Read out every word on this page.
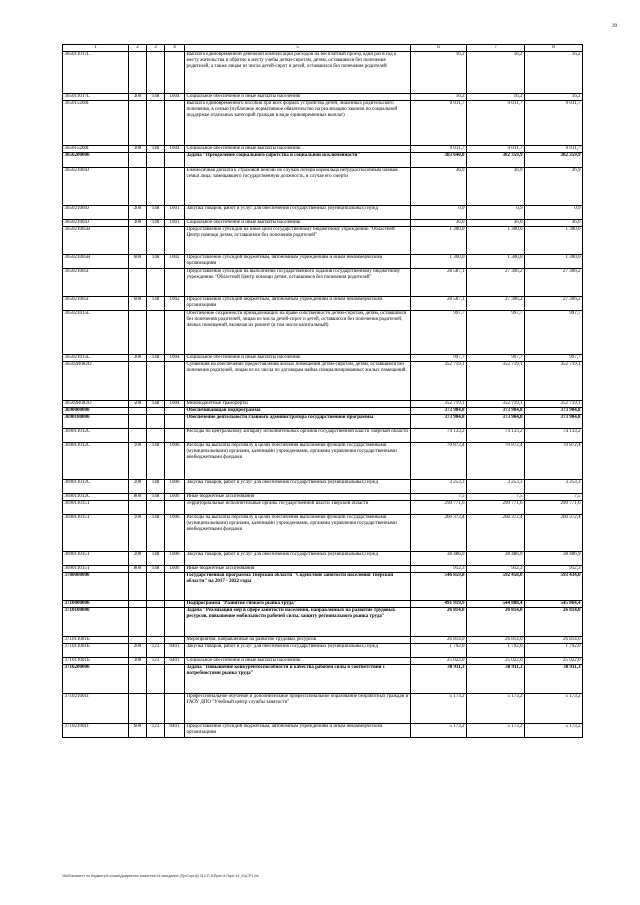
39
1	2	3	4	5	6	7	8
365011017L				Выплата единовременной денежной компенсации расходов на бесплатный проезд один раз в год к месту жительства и обратно к месту учебы детям-сиротам, детям, оставшимся без попечения родителей, а также лицам из числа детей-сирот и детей, оставшихся без попечения родителей	16,2	16,2	16,2
365011017L	300	148	1004	Социальное обеспечение и иные выплаты населению	16,2	16,2	16,2
365015260I				Выплата единовременного пособия при всех формах устройства детей, лишенных родительского попечения, в семью (публичное нормативное обязательство на реализацию законов по социальной поддержке отдельных категорий граждан в виде единовременных выплат)	9 011,7	9 011,7	9 011,7
365015260I	300	148	1004	Социальное обеспечение и иные выплаты населению	9 011,7	9 011,7	9 011,7
3650200000				Задача "Преодоление социального сиротства и социальной исключенности"	383 640,8	382 359,9	382 359,9
365021004J				Ежемесячная доплата к страховой пенсии по случаю потери кормильца нетрудоспособным членам семьи лица, замещавшего государственную должность, в случае его смерти	36,9	36,9	36,9
365021004J	200	148	1001	Закупка товаров, работ и услуг для обеспечения государственных (муниципальных) нужд	0,9	0,9	0,9
365021004J	300	148	1001	Социальное обеспечение и иные выплаты населению	36,0	36,0	36,0
365021005B				Предоставление субсидии на иные цели государственному бюджетному учреждению "Областной Центр помощи детям, оставшимся без попечения родителей"	1 300,0	1 300,0	1 300,0
365021005B	600	148	1002	Предоставление субсидий бюджетным, автономным учреждениям и иным некоммерческим организациям	1 300,0	1 300,0	1 300,0
365021005Г				Предоставление субсидии на выполнение государственного задания государственному бюджетному учреждению "Областной Центр помощи детям, оставшимся без попечения родителей"	28 587,1	27 306,2	27 306,2
365021005Г	600	148	1002	Предоставление субсидий бюджетным, автономным учреждениям и иным некоммерческим организациям	28 587,1	27 306,2	27 306,2
365021015L				Обеспечение сохранности принадлежащих на праве собственности детям-сиротам, детям, оставшимся без попечения родителей, лицам из числа детей-сирот и детей, оставшихся без попечения родителей, жилых помещений, включая их ремонт (в том числе капитальный)	997,7	997,7	997,7
365021015L	300	148	1004	Социальное обеспечение и иные выплаты населению	997,7	997,7	997,7
36502R082O				Субвенция на обеспечение предоставления жилых помещений детям-сиротам, детям, оставшимся без попечения родителей, лицам из их числа по договорам найма специализированных жилых помещений	352 719,1	352 719,1	352 719,1
36502R082O	500	148	1004	Межбюджетные трансферты	352 719,1	352 719,1	352 719,1
3690000000				Обеспечивающая подпрограмма	373 904,8	373 904,8	373 904,8
3690100000				Обеспечение деятельности главного администратора государственной программы	373 904,8	373 904,8	373 904,8
369011012С				Расходы по центральному аппарату исполнительных органов государственной власти Тверской области	74 133,2	74 133,2	74 133,2
369011012С	100	148	1006	Расходы на выплаты персоналу в целях обеспечения выполнения функций государственными (муниципальными) органами, казенными учреждениями, органами управления государственными внебюджетными фондами	70 872,4	70 872,4	70 872,4
369011012С	200	148	1006	Закупка товаров, работ и услуг для обеспечения государственных (муниципальных) нужд	3 253,3	3 253,3	3 253,3
369011012С	800	148	1006	Иные бюджетные ассигнования	7,5	7,5	7,5
369011015Т				Территориальные исполнительные органы государственной власти Тверской области	299 771,6	299 771,6	299 771,6
369011015Т	100	148	1006	Расходы на выплаты персоналу в целях обеспечения выполнения функций государственными (муниципальными) органами, казенными учреждениями, органами управления государственными внебюджетными фондами	260 372,4	260 372,4	260 372,4
369011015Т	200	148	1006	Закупка товаров, работ и услуг для обеспечения государственных (муниципальных) нужд	38 486,9	38 486,9	38 486,9
369011015Т	800	148	1006	Иные бюджетные ассигнования	912,3	912,3	912,3
3700000000				Государственная программа Тверской области "Содействие занятости населения Тверской области" на 2017 - 2022 годы	546 859,8	592 458,0	593 434,0
3710000000				Подпрограмма "Развитие гибкого рынка труда"	491 919,9	544 888,4	545 864,4
3710100000				Задача "Реализация мер в сфере занятости населения, направленных на развитие трудовых ресурсов, повышение мобильности рабочей силы, защиту регионального рынка труда"	26 814,0	26 814,0	26 814,0
371011001Б				Мероприятия, направленные на развитие трудовых ресурсов	26 814,0	26 814,0	26 814,0
371011001Б	200	123	0401	Закупка товаров, работ и услуг для обеспечения государственных (муниципальных) нужд	1 792,0	1 792,0	1 792,0
371011001Б	300	123	0401	Социальное обеспечение и иные выплаты населению	25 022,0	25 022,0	25 022,0
3710200000				Задача "Повышение конкурентоспособности и качества рабочей силы в соответствии с потребностями рынка труда"	30 911,3	30 911,3	30 911,3
371021001Г				Профессиональное обучение и дополнительное профессиональное образование безработных граждан в ГАОУ ДПО "Учебный центр службы занятости"	5 173,2	5 173,2	5 173,2
371021001Г	600	123	0401	Предоставление субсидий бюджетным, автономным учреждениям и иным некоммерческим организациям	5 173,2	5 173,2	5 173,2
\\fs02\комитет по бюджету\5 созыв\Документы комитета\14 заседание (Пр/Сорс\[4 312-П-6\Прил 8 Пкрл 14_КЦСР1.xls
